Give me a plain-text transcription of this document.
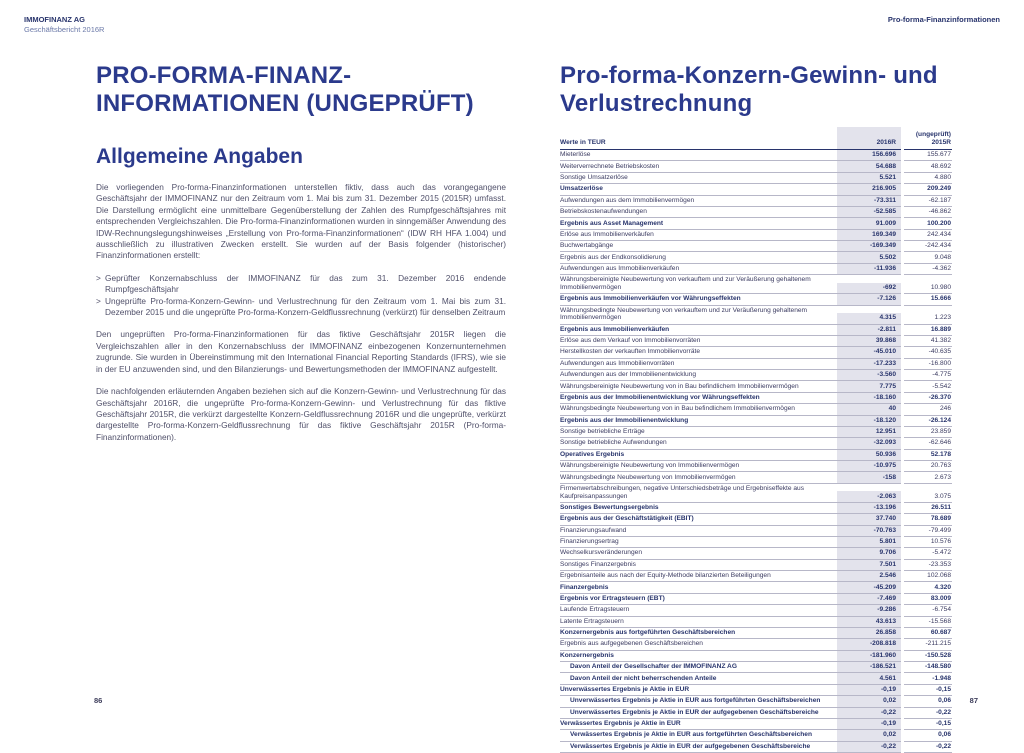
IMMOFINANZ AG
Geschäftsbericht 2016R
Pro-forma-Finanzinformationen
PRO-FORMA-FINANZ-
INFORMATIONEN (UNGEPRÜFT)
Allgemeine Angaben

Die vorliegenden Pro-forma-Finanzinformationen unterstellen fiktiv, dass auch das vorangegangene Geschäftsjahr der IMMOFINANZ nur den Zeitraum vom 1. Mai bis zum 31. Dezember 2015 (2015R) umfasst. Die Darstellung ermöglicht eine unmittelbare Gegenüberstellung der Zahlen des Rumpfgeschäftsjahres mit entsprechenden Vergleichszahlen. Die Pro-forma-Finanzinformationen wurden in sinngemäßer Anwendung des IDW-Rechnungslegungshinweises „Erstellung von Pro-forma-Finanzinformationen“ (IDW RH HFA 1.004) und ausschließlich zu illustrativen Zwecken erstellt. Sie wurden auf der Basis folgender (historischer) Finanzinformationen erstellt:

> Geprüfter Konzernabschluss der IMMOFINANZ für das zum 31. Dezember 2016 endende Rumpfgeschäftsjahr
> Ungeprüfte Pro-forma-Konzern-Gewinn- und Verlustrechnung für den Zeitraum vom 1. Mai bis zum 31. Dezember 2015 und die ungeprüfte Pro-forma-Konzern-Geldflussrechnung (verkürzt) für denselben Zeitraum

Den ungeprüften Pro-forma-Finanzinformationen für das fiktive Geschäftsjahr 2015R liegen die Vergleichszahlen aller in den Konzernabschluss der IMMOFINANZ einbezogenen Konzernunternehmen zugrunde. Sie wurden in Übereinstimmung mit den International Financial Reporting Standards (IFRS), wie sie in der EU anzuwenden sind, und den Bilanzierungs- und Bewertungsmethoden der IMMOFINANZ aufgestellt.

Die nachfolgenden erläuternden Angaben beziehen sich auf die Konzern-Gewinn- und Verlustrechnung für das Geschäftsjahr 2016R, die ungeprüfte Pro-forma-Konzern-Gewinn- und Verlustrechnung für das fiktive Geschäftsjahr 2015R, die verkürzt dargestellte Konzern-Geldflussrechnung 2016R und die ungeprüfte, verkürzt dargestellte Pro-forma-Konzern-Geldflussrechnung für das fiktive Geschäftsjahr 2015R (Pro-forma-Finanzinformationen).

Pro-forma-Konzern-Gewinn- und
Verlustrechnung
Werte in TEUR	2016R
(ungeprüft)
2015R
Mieterlöse	156.696	155.677
Weiterverrechnete Betriebskosten	54.688	48.692
Sonstige Umsatzerlöse	5.521	4.880
Umsatzerlöse	216.905	209.249
Aufwendungen aus dem Immobilienvermögen	-73.311	-62.187
Betriebskostenaufwendungen	-52.585	-46.862
Ergebnis aus Asset Management	91.009	100.200
Erlöse aus Immobilienverkäufen	169.349	242.434
Buchwertabgänge	-169.349	-242.434
Ergebnis aus der Endkonsolidierung	5.502	9.048
Aufwendungen aus Immobilienverkäufen	-11.936	-4.362
Währungsbereinigte Neubewertung von verkauftem und zur Veräußerung gehaltenem Immobilienvermögen	-692	10.980
Ergebnis aus Immobilienverkäufen vor Währungseffekten	-7.126	15.666
Währungsbedingte Neubewertung von verkauftem und zur Veräußerung gehaltenem Immobilienvermögen	4.315	1.223
Ergebnis aus Immobilienverkäufen	-2.811	16.889
Erlöse aus dem Verkauf von Immobilienvorräten	39.868	41.382
Herstellkosten der verkauften Immobilienvorräte	-45.010	-40.635
Aufwendungen aus Immobilienvorräten	-17.233	-16.800
Aufwendungen aus der Immobilienentwicklung	-3.560	-4.775
Währungsbereinigte Neubewertung von in Bau befindlichem Immobilienvermögen	7.775	-5.542
Ergebnis aus der Immobilienentwicklung vor Währungseffekten	-18.160	-26.370
Währungsbedingte Neubewertung von in Bau befindlichem Immobilienvermögen	40	246
Ergebnis aus der Immobilienentwicklung	-18.120	-26.124
Sonstige betriebliche Erträge	12.951	23.859
Sonstige betriebliche Aufwendungen	-32.093	-62.646
Operatives Ergebnis	50.936	52.178
Währungsbereinigte Neubewertung von Immobilienvermögen	-10.975	20.763
Währungsbedingte Neubewertung von Immobilienvermögen	-158	2.673
Firmenwertabschreibungen, negative Unterschiedsbeträge und Ergebniseffekte aus Kaufpreisanpassungen	-2.063	3.075
Sonstiges Bewertungsergebnis	-13.196	26.511
Ergebnis aus der Geschäftstätigkeit (EBIT)	37.740	78.689
Finanzierungsaufwand	-70.763	-79.499
Finanzierungsertrag	5.801	10.576
Wechselkursveränderungen	9.706	-5.472
Sonstiges Finanzergebnis	7.501	-23.353
Ergebnisanteile aus nach der Equity-Methode bilanzierten Beteiligungen	2.546	102.068
Finanzergebnis	-45.209	4.320
Ergebnis vor Ertragsteuern (EBT)	-7.469	83.009
Laufende Ertragsteuern	-9.286	-6.754
Latente Ertragsteuern	43.613	-15.568
Konzernergebnis aus fortgeführten Geschäftsbereichen	26.858	60.687
Ergebnis aus aufgegebenen Geschäftsbereichen	-208.818	-211.215
Konzernergebnis	-181.960	-150.528
Davon Anteil der Gesellschafter der IMMOFINANZ AG	-186.521	-148.580
Davon Anteil der nicht beherrschenden Anteile	4.561	-1.948
Unverwässertes Ergebnis je Aktie in EUR	-0,19	-0,15
Unverwässertes Ergebnis je Aktie in EUR aus fortgeführten Geschäftsbereichen	0,02	0,06
Unverwässertes Ergebnis je Aktie in EUR der aufgegebenen Geschäftsbereiche	-0,22	-0,22
Verwässertes Ergebnis je Aktie in EUR	-0,19	-0,15
Verwässertes Ergebnis je Aktie in EUR aus fortgeführten Geschäftsbereichen	0,02	0,06
Verwässertes Ergebnis je Aktie in EUR der aufgegebenen Geschäftsbereiche	-0,22	-0,22
86	87
